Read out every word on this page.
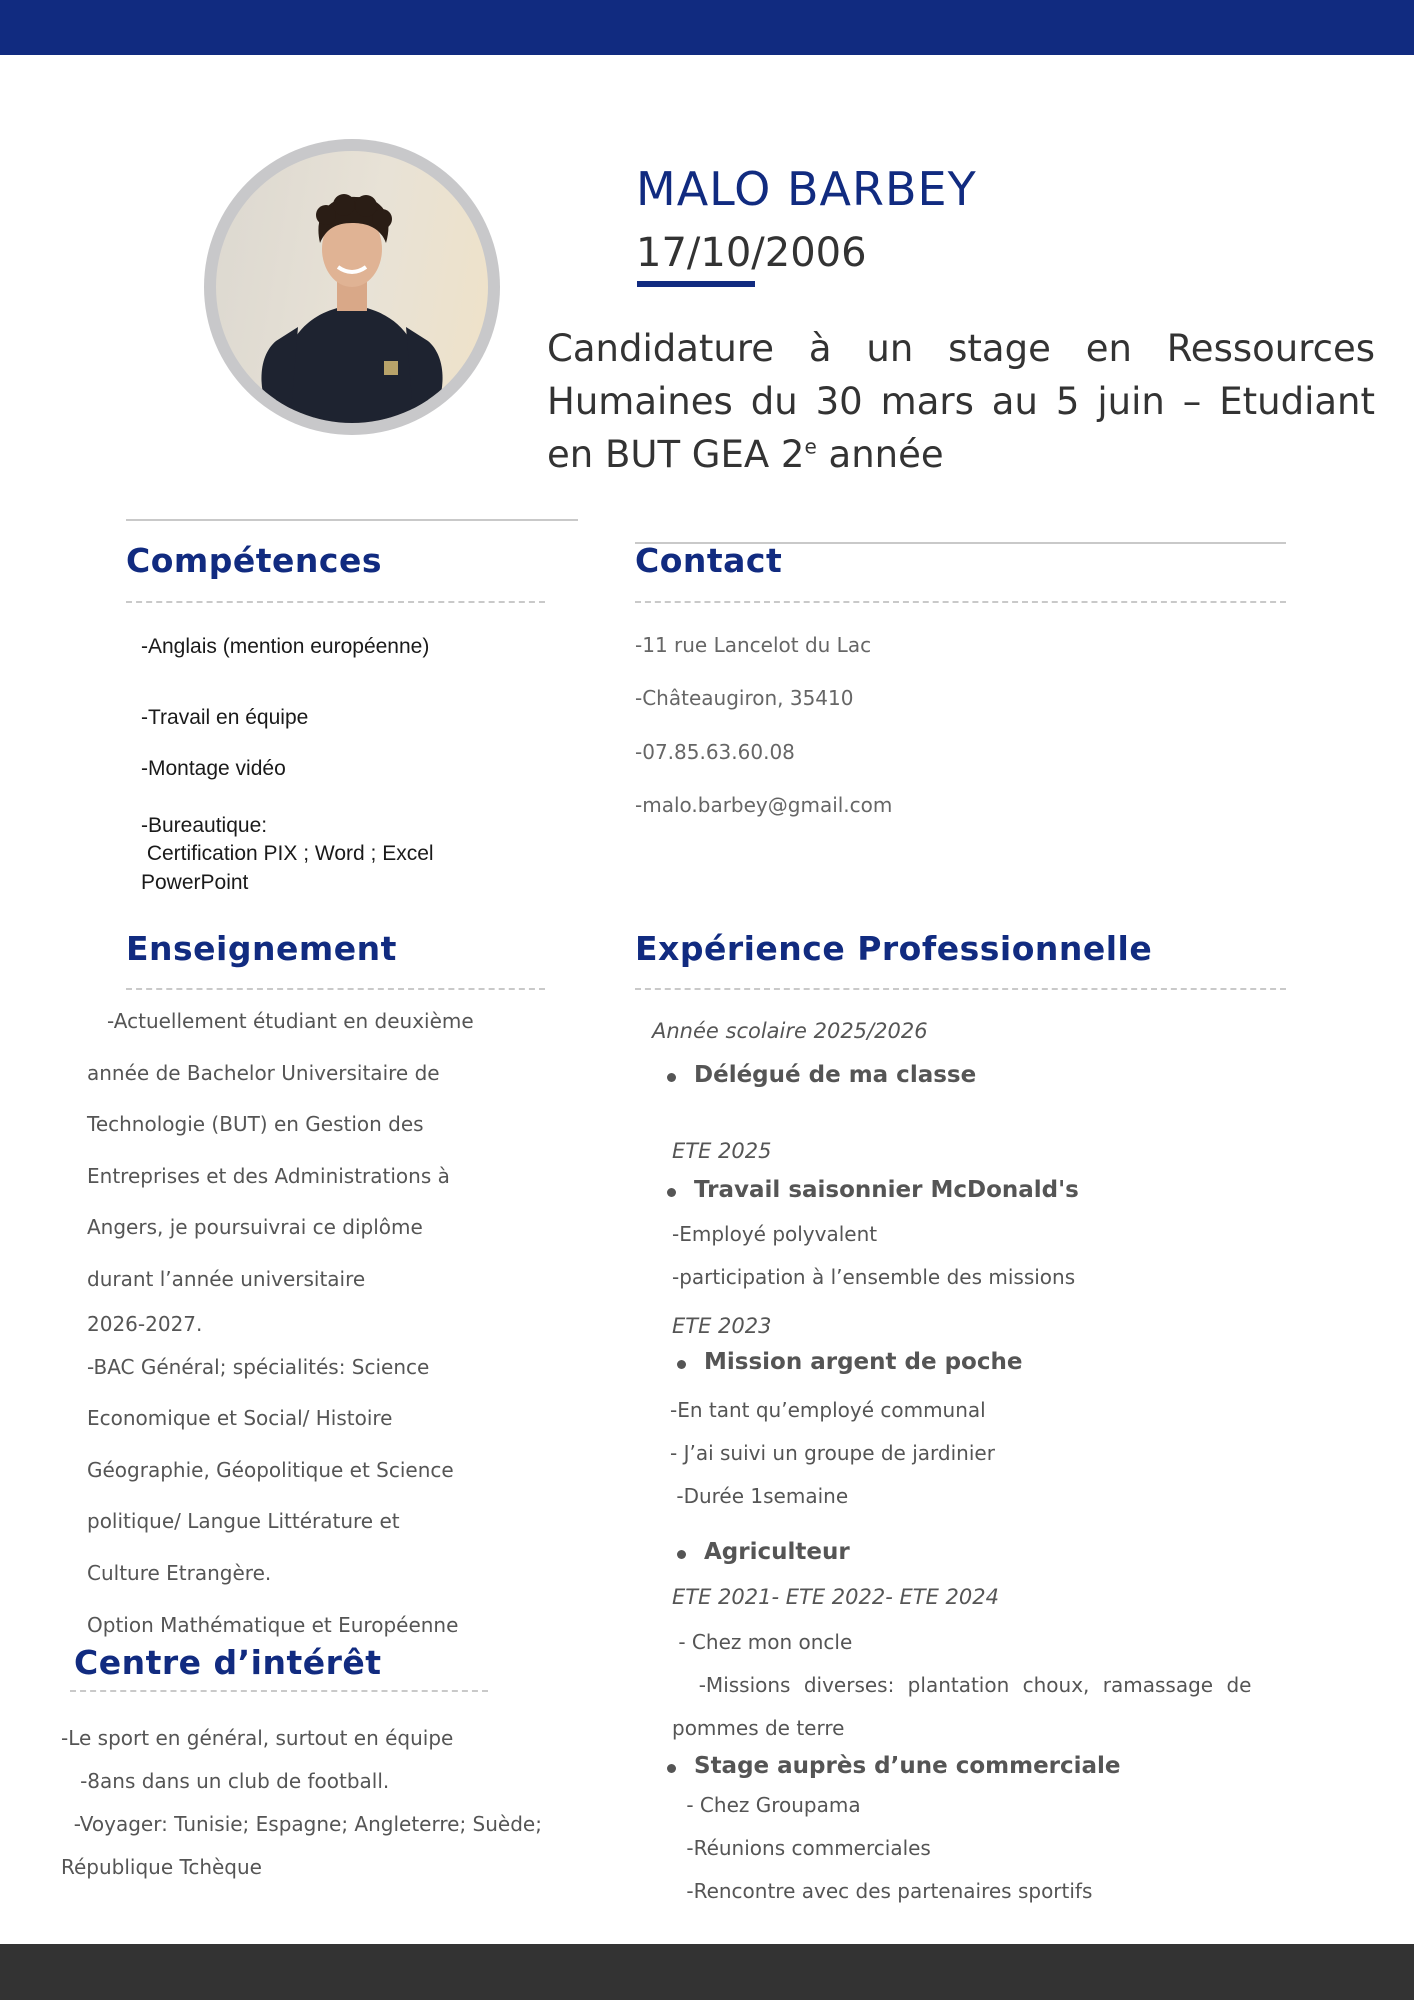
MALO BARBEY
17/10/2006
Candidature à un stage en Ressources Humaines du 30 mars au 5 juin – Etudiant en BUT GEA 2e année
Compétences
-Anglais (mention européenne)
-Travail en équipe
-Montage vidéo
-Bureautique:
Certification PIX ; Word ; Excel
PowerPoint
Contact
-11 rue Lancelot du Lac
-Châteaugiron, 35410
-07.85.63.60.08
-malo.barbey@gmail.com
Enseignement

-Actuellement étudiant en deuxième

année de Bachelor Universitaire de

Technologie (BUT) en Gestion des

Entreprises et des Administrations à

Angers, je poursuivrai ce diplôme

durant l’année universitaire

2026-2027.

-BAC Général; spécialités: Science

Economique et Social/ Histoire

Géographie, Géopolitique et Science

politique/ Langue Littérature et

Culture Etrangère.

Option Mathématique et Européenne

Expérience Professionnelle
Année scolaire 2025/2026
Délégué de ma classe
ETE 2025
Travail saisonnier McDonald's
-Employé polyvalent
-participation à l’ensemble des missions
ETE 2023
Mission argent de poche
-En tant qu’employé communal
- J’ai suivi un groupe de jardinier
-Durée 1semaine
Agriculteur
ETE 2021- ETE 2022- ETE 2024
- Chez mon oncle
-Missions diverses: plantation choux, ramassage de
pommes de terre
Stage auprès d’une commerciale
- Chez Groupama
-Réunions commerciales
-Rencontre avec des partenaires sportifs
Centre d’intérêt
-Le sport en général, surtout en équipe
-8ans dans un club de football.
-Voyager: Tunisie; Espagne; Angleterre; Suède;
République Tchèque
